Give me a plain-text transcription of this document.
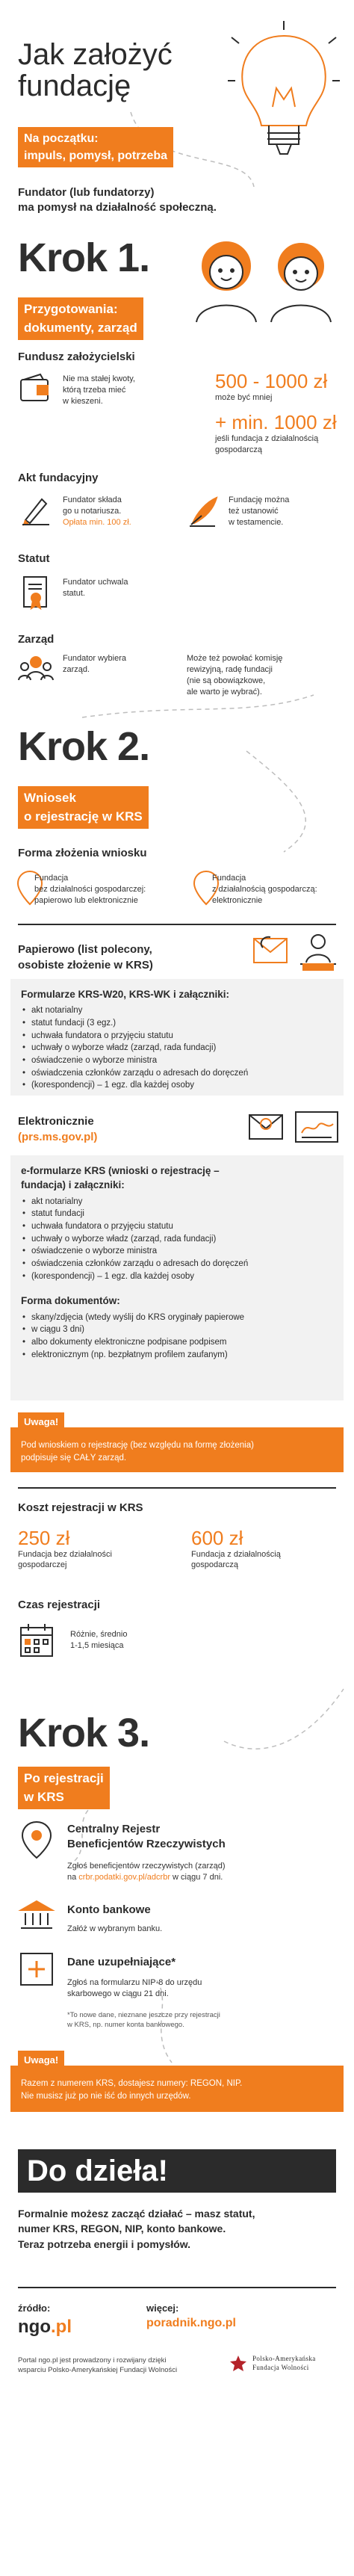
Jak założyć
fundację
Na początku:
impuls, pomysł, potrzeba
Fundator (lub fundatorzy)
ma pomysł na działalność społeczną.
Krok 1.
Przygotowania:
dokumenty, zarząd
Fundusz założycielski
Nie ma stałej kwoty,
którą trzeba mieć
w kieszeni.
500 - 1000 zł
może być mniej
+ min. 1000 zł
jeśli fundacja z działalnością
gospodarczą
Akt fundacyjny
Fundator składa
go u notariusza.
Opłata min. 100 zł.
Fundację można
też ustanowić
w testamencie.
Statut
Fundator uchwala
statut.
Zarząd
Fundator wybiera
zarząd.
Może też powołać komisję
rewizyjną, radę fundacji
(nie są obowiązkowe,
ale warto je wybrać).
Krok 2.
Wniosek
o rejestrację w KRS
Forma złożenia wniosku
Fundacja
bez działalności gospodarczej:
papierowo lub elektronicznie
Fundacja
z działalnością gospodarczą:
elektronicznie
Papierowo (list polecony,
osobiste złożenie w KRS)
Formularze KRS-W20, KRS-WK i załączniki:
• akt notarialny
• statut fundacji (3 egz.)
• uchwała fundatora o przyjęciu statutu
• uchwały o wyborze władz (zarząd, rada fundacji)
• oświadczenie o wyborze ministra
• oświadczenia członków zarządu o adresach do doręczeń
• (korespondencji) – 1 egz. dla każdej osoby
Elektronicznie
(prs.ms.gov.pl)
e-formularze KRS (wnioski o rejestrację –
fundacja) i załączniki:
• akt notarialny
• statut fundacji
• uchwała fundatora o przyjęciu statutu
• uchwały o wyborze władz (zarząd, rada fundacji)
• oświadczenie o wyborze ministra
• oświadczenia członków zarządu o adresach do doręczeń
• (korespondencji) – 1 egz. dla każdej osoby
Forma dokumentów:
• skany/zdjęcia (wtedy wyślij do KRS oryginały papierowe
• w ciągu 3 dni)
• albo dokumenty elektroniczne podpisane podpisem
• elektronicznym (np. bezpłatnym profilem zaufanym)
Uwaga!
Pod wnioskiem o rejestrację (bez względu na formę złożenia)
podpisuje się CAŁY zarząd.
Koszt rejestracji w KRS
250 zł
Fundacja bez działalności
gospodarczej
600 zł
Fundacja z działalnością
gospodarczą
Czas rejestracji
Różnie, średnio
1-1,5 miesiąca
Krok 3.
Po rejestracji
w KRS
Centralny Rejestr
Beneficjentów Rzeczywistych
Zgłoś beneficjentów rzeczywistych (zarząd)
na crbr.podatki.gov.pl/adcrbr w ciągu 7 dni.
Konto bankowe
Załóż w wybranym banku.
Dane uzupełniające*
Zgłoś na formularzu NIP-8 do urzędu
skarbowego w ciągu 21 dni.
*To nowe dane, nieznane jeszcze przy rejestracji
w KRS, np. numer konta bankowego.
Uwaga!
Razem z numerem KRS, dostajesz numery: REGON, NIP.
Nie musisz już po nie iść do innych urzędów.
Do dzieła!
Formalnie możesz zacząć działać – masz statut,
numer KRS, REGON, NIP, konto bankowe.
Teraz potrzeba energii i pomysłów.
źródło:
ngo.pl
więcej:
poradnik.ngo.pl
Portal ngo.pl jest prowadzony i rozwijany dzięki
wsparciu Polsko-Amerykańskiej Fundacji Wolności
Polsko-Amerykańska
Fundacja Wolności
